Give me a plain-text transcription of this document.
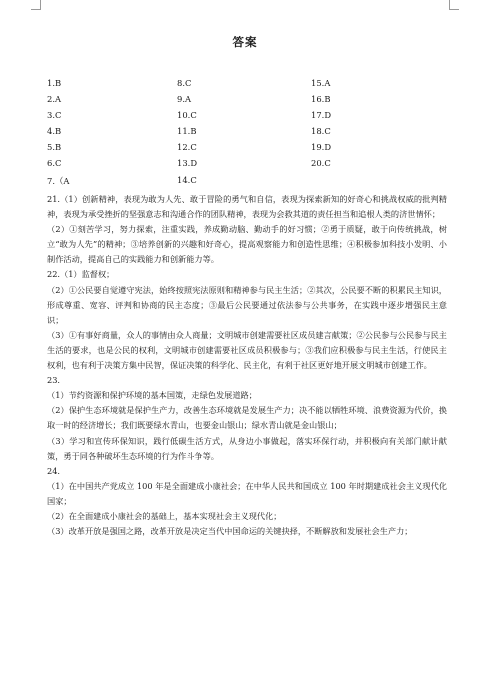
答案
1.B	8.C	15.A
2.A	9.A	16.B
3.C	10.C	17.D
4.B	11.B	18.C
5.B	12.C	19.D
6.C	13.D	20.C
7.（A	14.C

21.（1）创新精神，表现为敢为人先、敢于冒险的勇气和自信，表现为探索新知的好奇心和挑战权威的批判精神，表现为承受挫折的坚强意志和沟通合作的团队精神，表现为会救其道的责任担当和追根人类的济世情怀；

（2）①刻苦学习，努力探索，注重实践，养成勤动脑、勤动手的好习惯；②勇于质疑，敢于向传统挑战，树立“敢为人先”的精神；③培养创新的兴趣和好奇心，提高观察能力和创造性思维；④积极参加科技小发明、小制作活动，提高自己的实践能力和创新能力等。

22.（1）监督权；

（2）①公民要自觉遵守宪法，始终按照宪法原则和精神参与民主生活；②其次，公民要不断的积累民主知识，形成尊重、宽容、评判和协商的民主态度；③最后公民要通过依法参与公共事务，在实践中逐步增强民主意识；

（3）①有事好商量，众人的事情由众人商量；文明城市创建需要社区成员建言献策；②公民参与公民参与民主生活的要求，也是公民的权利，文明城市创建需要社区成员积极参与；③我们应积极参与民主生活，行使民主权利，也有利于决策方集中民智，保证决策的科学化、民主化，有利于社区更好地开展文明城市创建工作。

23.

（1）节约资源和保护环境的基本国策，走绿色发展道路；

（2）保护生态环境就是保护生产力，改善生态环境就是发展生产力；决不能以牺牲环境、浪费资源为代价，换取一时的经济增长；我们既要绿水青山，也要金山银山；绿水青山就是金山银山；

（3）学习和宣传环保知识，践行低碳生活方式，从身边小事做起，落实环保行动，并积极向有关部门献计献策，勇于同各种破坏生态环境的行为作斗争等。

24.

（1）在中国共产党成立 100 年是全面建成小康社会；在中华人民共和国成立 100 年时期建成社会主义现代化国家；

（2）在全面建成小康社会的基础上，基本实现社会主义现代化；

（3）改革开放是强国之路，改革开放是决定当代中国命运的关键抉择，不断解放和发展社会生产力；
